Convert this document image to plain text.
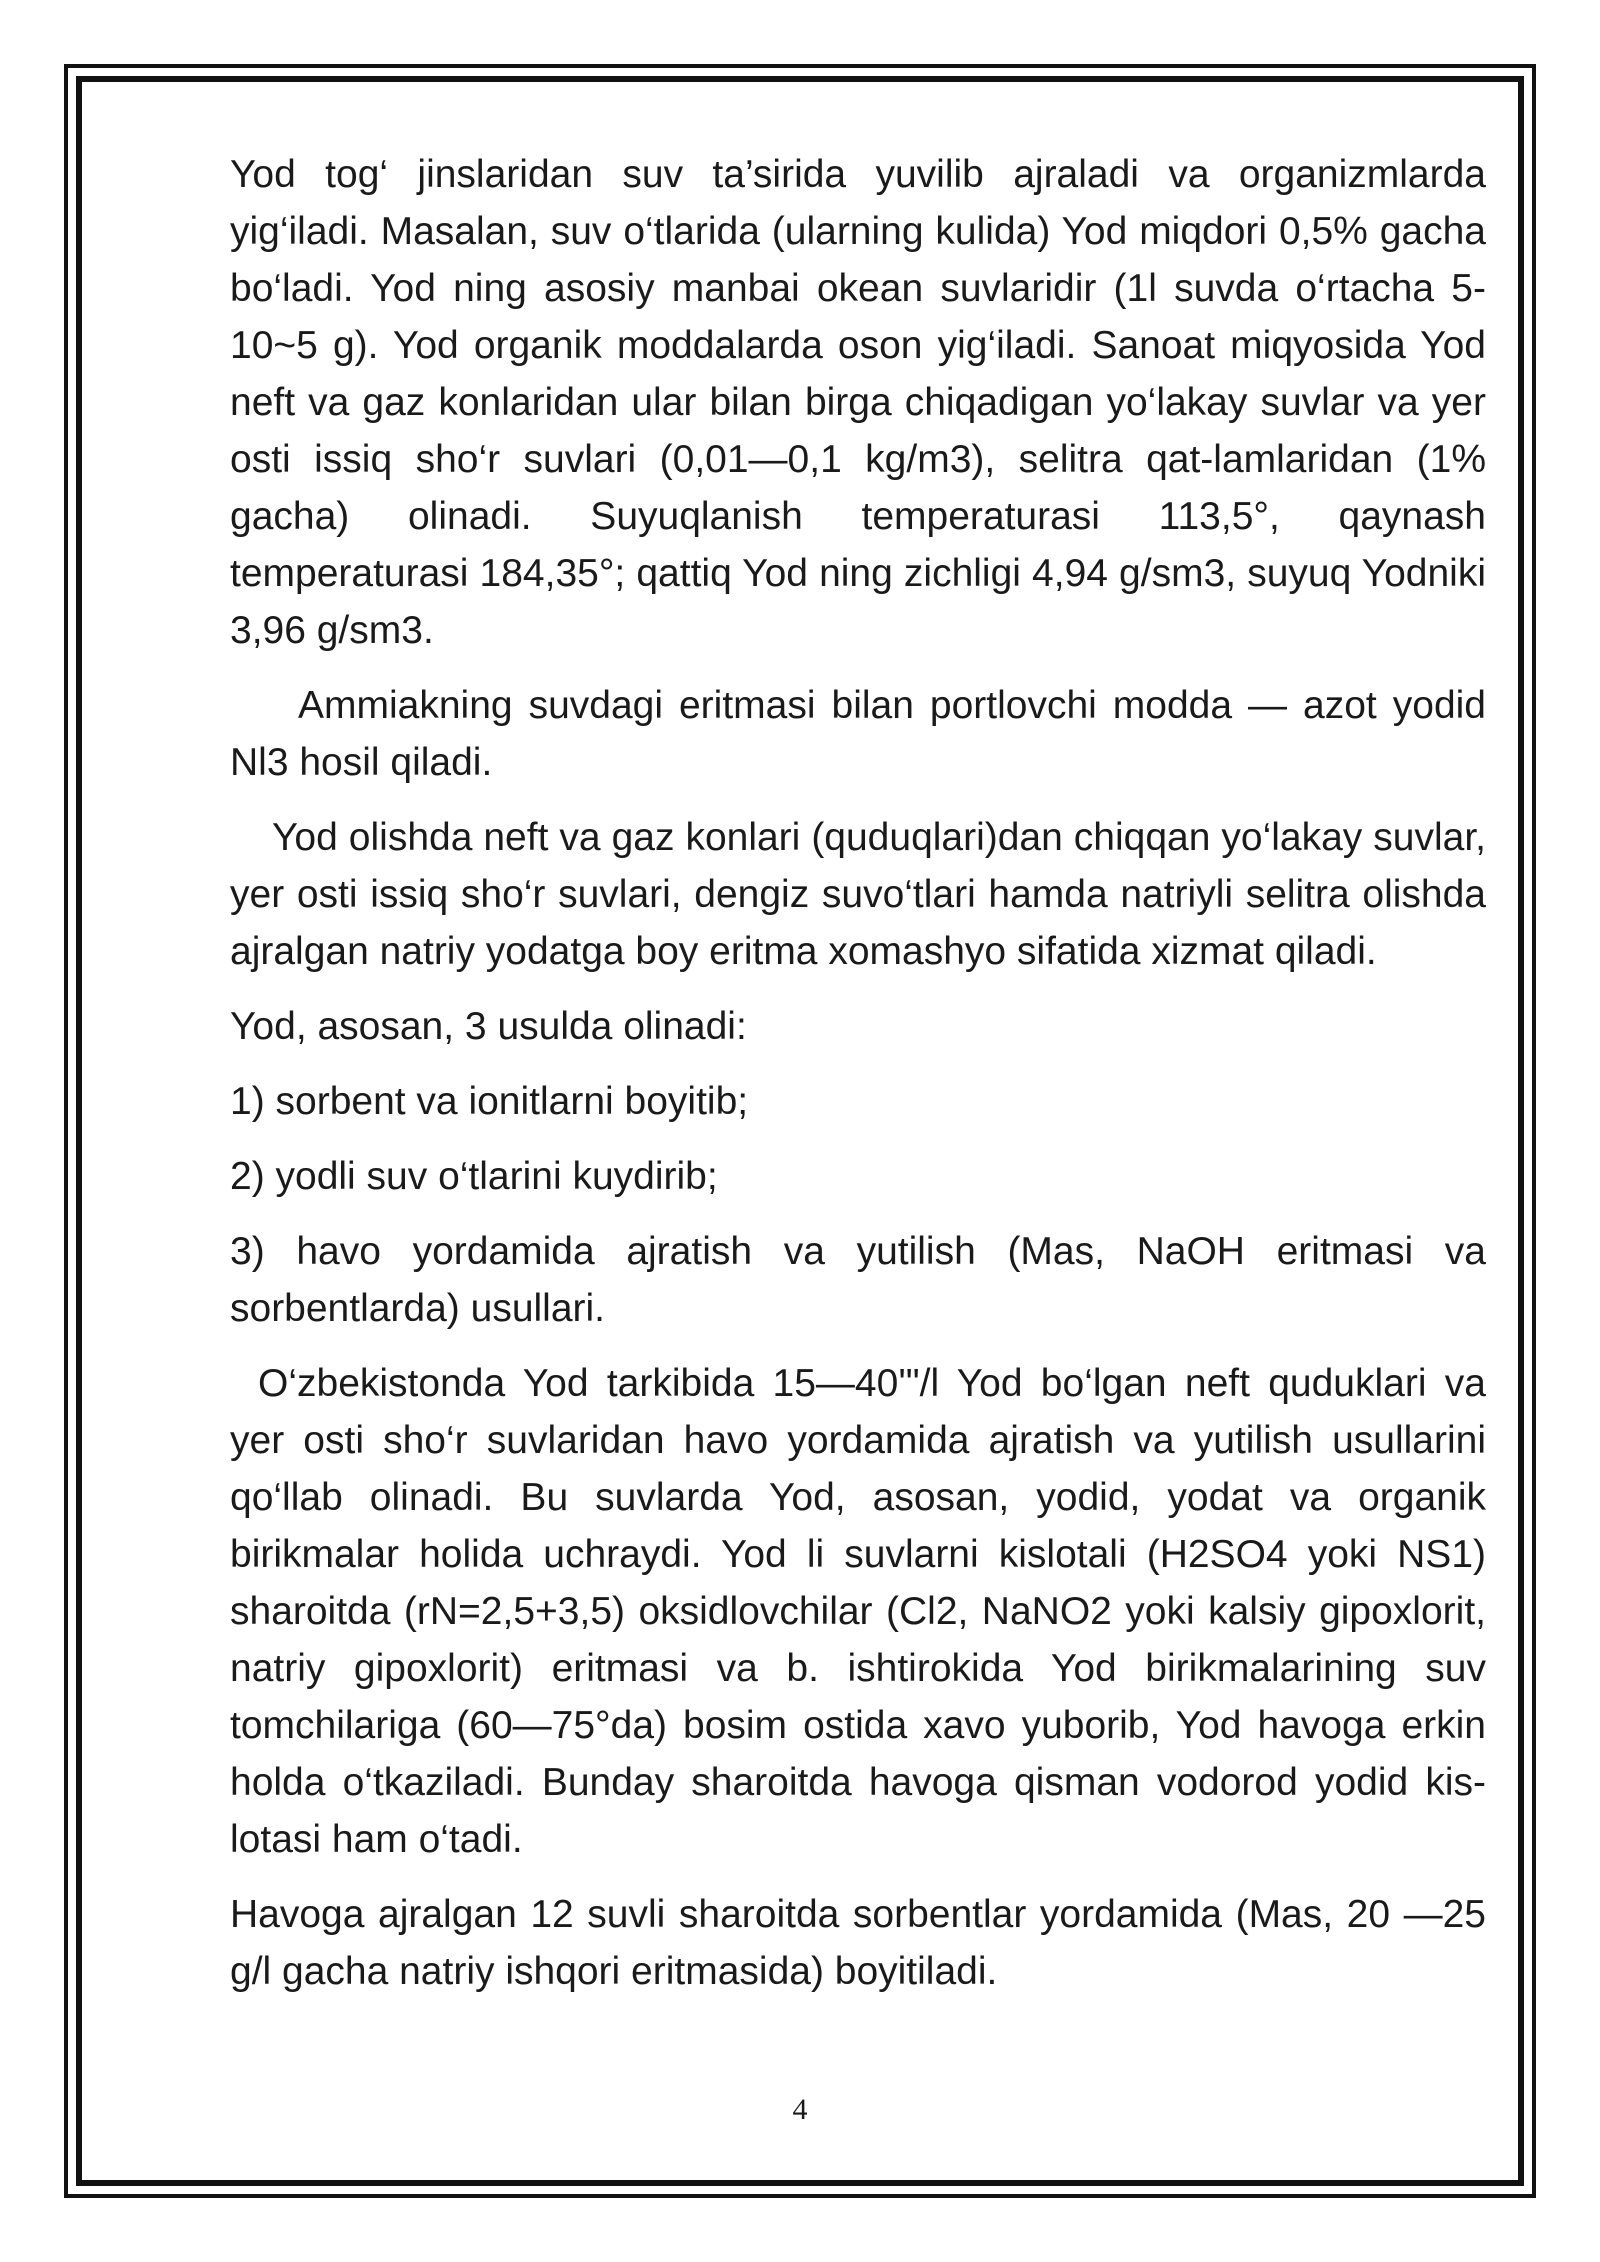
Yod tog‘ jinslaridan suv ta’sirida yuvilib ajraladi va organizmlarda yig‘iladi. Masalan, suv o‘tlarida (ularning kulida) Yod miqdori 0,5% gacha bo‘ladi. Yod ning asosiy manbai okean suvlaridir (1l suvda o‘rtacha 5-10~5 g). Yod organik moddalarda oson yig‘iladi. Sanoat miqyosida Yod neft va gaz konlaridan ular bilan birga chiqadigan yo‘lakay suvlar va yer osti issiq sho‘r suvlari (0,01—0,1 kg/m3), selitra qat-lamlaridan (1% gacha) olinadi. Suyuqlanish temperaturasi 113,5°, qaynash temperaturasi 184,35°; qattiq Yod ning zichligi 4,94 g/sm3, suyuq Yodniki 3,96 g/sm3.

Ammiakning suvdagi eritmasi bilan portlovchi modda — azot yodid Nl3 hosil qiladi.

Yod olishda neft va gaz konlari (quduqlari)dan chiqqan yo‘lakay suvlar, yer osti issiq sho‘r suvlari, dengiz suvo‘tlari hamda natriyli selitra olishda ajralgan natriy yodatga boy eritma xomashyo sifatida xizmat qiladi.

Yod, asosan, 3 usulda olinadi:

1) sorbent va ionitlarni boyitib;

2) yodli suv o‘tlarini kuydirib;

3) havo yordamida ajratish va yutilish (Mas, NaOH eritmasi va sorbentlarda) usullari.

O‘zbekistonda Yod tarkibida 15—40'"/l Yod bo‘lgan neft quduklari va yer osti sho‘r suvlaridan havo yordamida ajratish va yutilish usullarini qo‘llab olinadi. Bu suvlarda Yod, asosan, yodid, yodat va organik birikmalar holida uchraydi. Yod li suvlarni kislotali (H2SO4 yoki NS1) sharoitda (rN=2,5+3,5) oksidlovchilar (Cl2, NaNO2 yoki kalsiy gipoxlorit, natriy gipoxlorit) eritmasi va b. ishtirokida Yod birikmalarining suv tomchilariga (60—75°da) bosim ostida xavo yuborib, Yod havoga erkin holda o‘tkaziladi. Bunday sharoitda havoga qisman vodorod yodid kis-lotasi ham o‘tadi.

Havoga ajralgan 12 suvli sharoitda sorbentlar yordamida (Mas, 20 —25 g/l gacha natriy ishqori eritmasida) boyitiladi.

4
